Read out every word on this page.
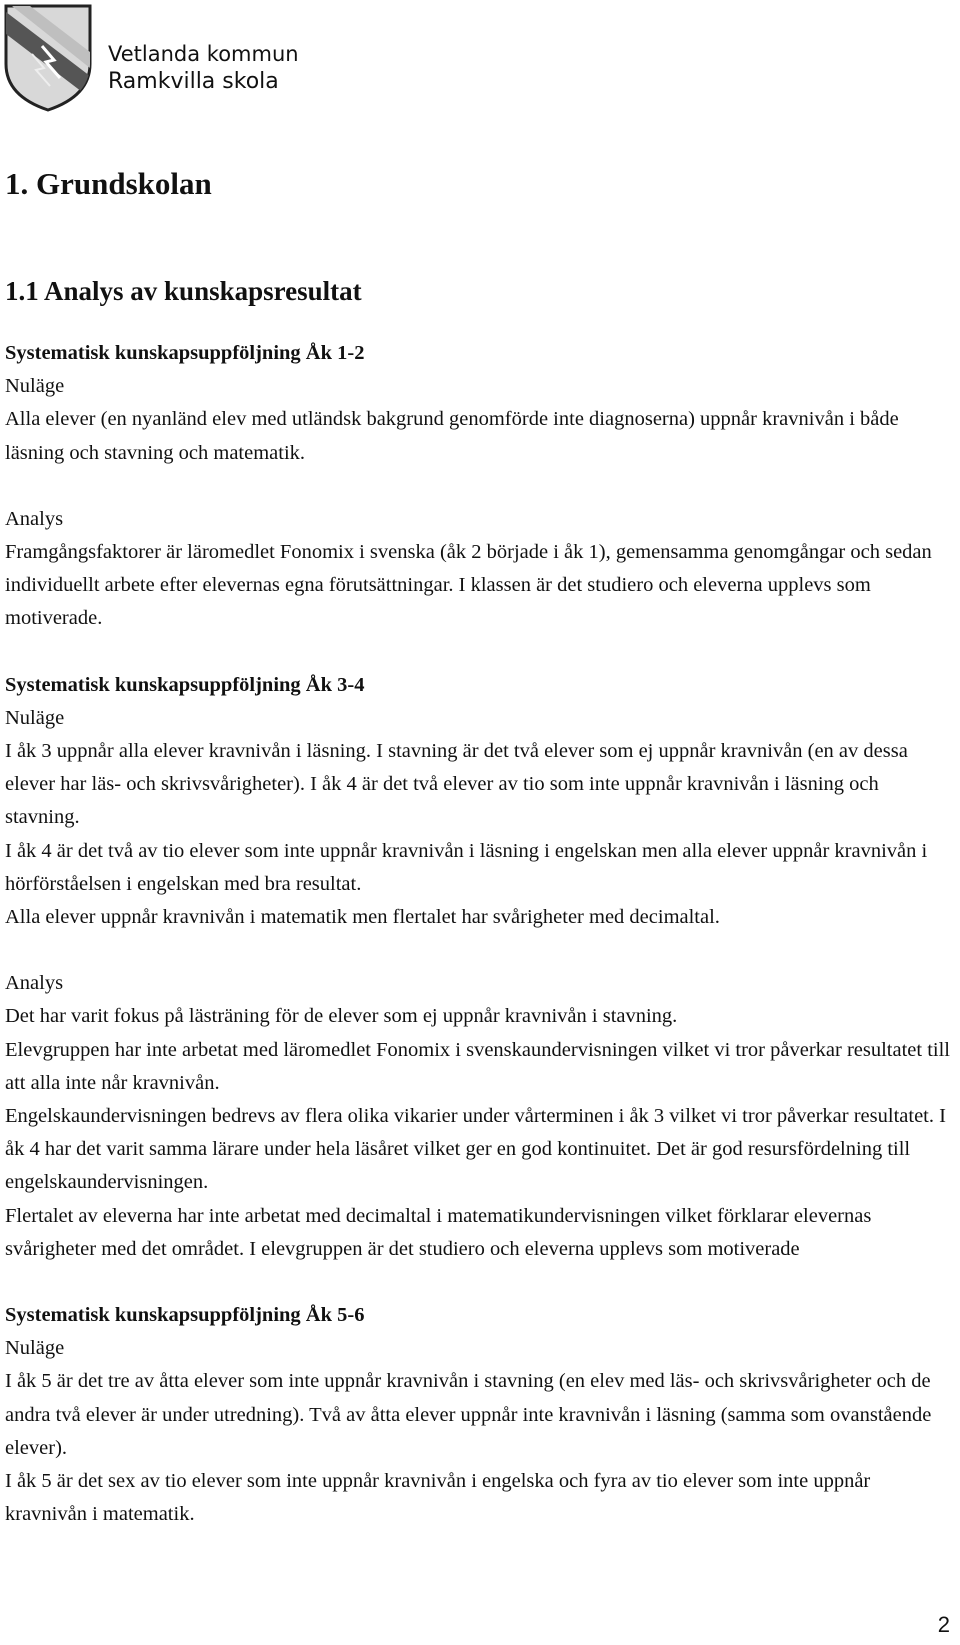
Vetlanda kommun
Ramkvilla skola
1. Grundskolan
1.1 Analys av kunskapsresultat

Systematisk kunskapsuppföljning Åk 1-2

Nuläge

Alla elever (en nyanländ elev med utländsk bakgrund genomförde inte diagnoserna) uppnår kravnivån i både läsning och stavning och matematik.

Analys

Framgångsfaktorer är läromedlet Fonomix i svenska (åk 2 började i åk 1), gemensamma genomgångar och sedan individuellt arbete efter elevernas egna förutsättningar. I klassen är det studiero och eleverna upplevs som motiverade.

Systematisk kunskapsuppföljning Åk 3-4

Nuläge

I åk 3 uppnår alla elever kravnivån i läsning. I stavning är det två elever som ej uppnår kravnivån (en av dessa elever har läs- och skrivsvårigheter). I åk 4 är det två elever av tio som inte uppnår kravnivån i läsning och stavning.

I åk 4 är det två av tio elever som inte uppnår kravnivån i läsning i engelskan men alla elever uppnår kravnivån i hörförståelsen i engelskan med bra resultat.

Alla elever uppnår kravnivån i matematik men flertalet har svårigheter med decimaltal.

Analys

Det har varit fokus på lästräning för de elever som ej uppnår kravnivån i stavning.

Elevgruppen har inte arbetat med läromedlet Fonomix i svenskaundervisningen vilket vi tror påverkar resultatet till att alla inte når kravnivån.

Engelskaundervisningen bedrevs av flera olika vikarier under vårterminen i åk 3 vilket vi tror påverkar resultatet. I åk 4 har det varit samma lärare under hela läsåret vilket ger en god kontinuitet. Det är god resursfördelning till engelskaundervisningen.

Flertalet av eleverna har inte arbetat med decimaltal i matematikundervisningen vilket förklarar elevernas svårigheter med det området. I elevgruppen är det studiero och eleverna upplevs som motiverade

Systematisk kunskapsuppföljning Åk 5-6

Nuläge

I åk 5 är det tre av åtta elever som inte uppnår kravnivån i stavning (en elev med läs- och skrivsvårigheter och de andra två elever är under utredning). Två av åtta elever uppnår inte kravnivån i läsning (samma som ovanstående elever).

I åk 5 är det sex av tio elever som inte uppnår kravnivån i engelska och fyra av tio elever som inte uppnår kravnivån i matematik.

2
